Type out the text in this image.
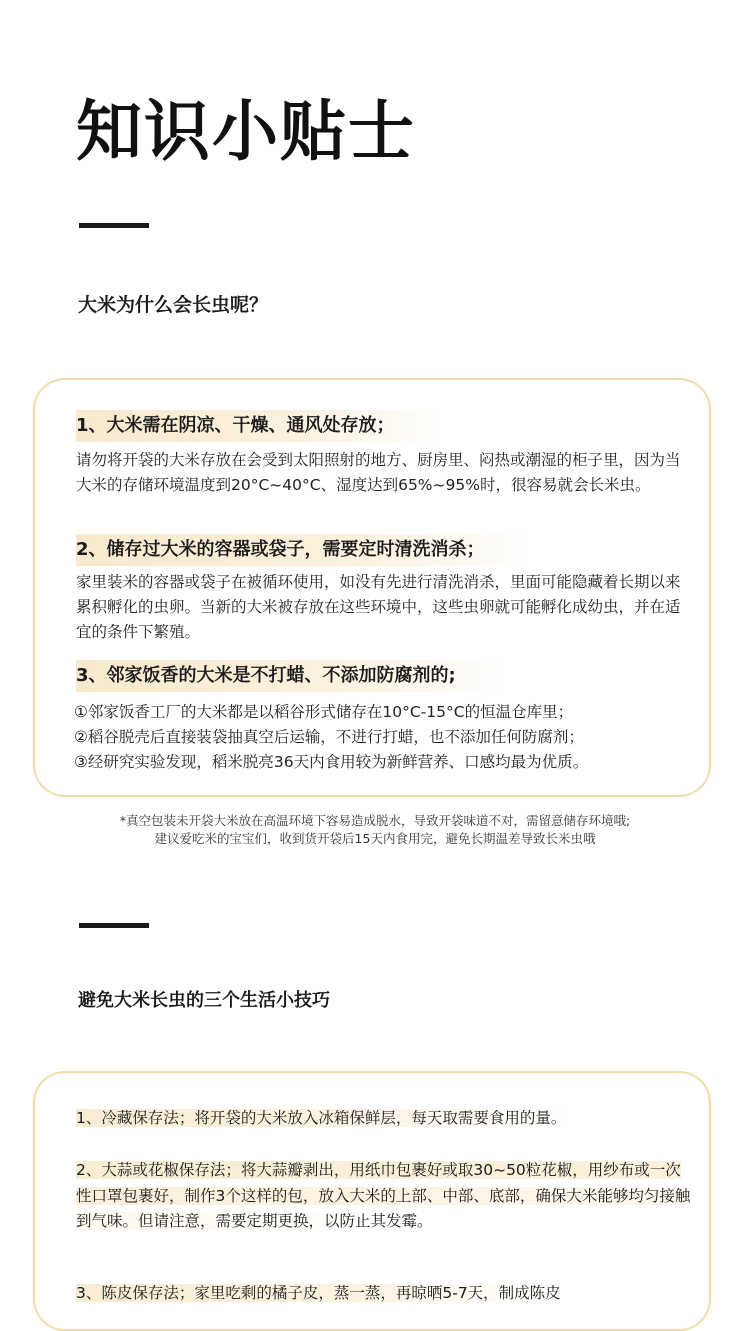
知识小贴士
大米为什么会长虫呢？
1、大米需在阴凉、干燥、通风处存放；
请勿将开袋的大米存放在会受到太阳照射的地方、厨房里、闷热或潮湿的柜子里，因为当大米的存储环境温度到20°C~40°C、湿度达到65%~95%时，很容易就会长米虫。
2、储存过大米的容器或袋子，需要定时清洗消杀；
家里装米的容器或袋子在被循环使用，如没有先进行清洗消杀，里面可能隐藏着长期以来累积孵化的虫卵。当新的大米被存放在这些环境中，这些虫卵就可能孵化成幼虫，并在适宜的条件下繁殖。
3、邻家饭香的大米是不打蜡、不添加防腐剂的;
①邻家饭香工厂的大米都是以稻谷形式储存在10°C-15°C的恒温仓库里；
②稻谷脱壳后直接装袋抽真空后运输，不进行打蜡，也不添加任何防腐剂；
③经研究实验发现，稻米脱亮36天内食用较为新鲜营养、口感均最为优质。
*真空包装未开袋大米放在高温环境下容易造成脱水，导致开袋味道不对，需留意储存环境哦;
建议爱吃米的宝宝们，收到货开袋后15天内食用完，避免长期温差导致长米虫哦
避免大米长虫的三个生活小技巧
1、冷藏保存法；将开袋的大米放入冰箱保鲜层，每天取需要食用的量。
2、大蒜或花椒保存法；将大蒜瓣剥出，用纸巾包裹好或取30~50粒花椒，用纱布或一次性口罩包裹好，制作3个这样的包，放入大米的上部、中部、底部，确保大米能够均匀接触到气味。但请注意，需要定期更换，以防止其发霉。
3、陈皮保存法；家里吃剩的橘子皮，蒸一蒸，再晾晒5-7天，制成陈皮
